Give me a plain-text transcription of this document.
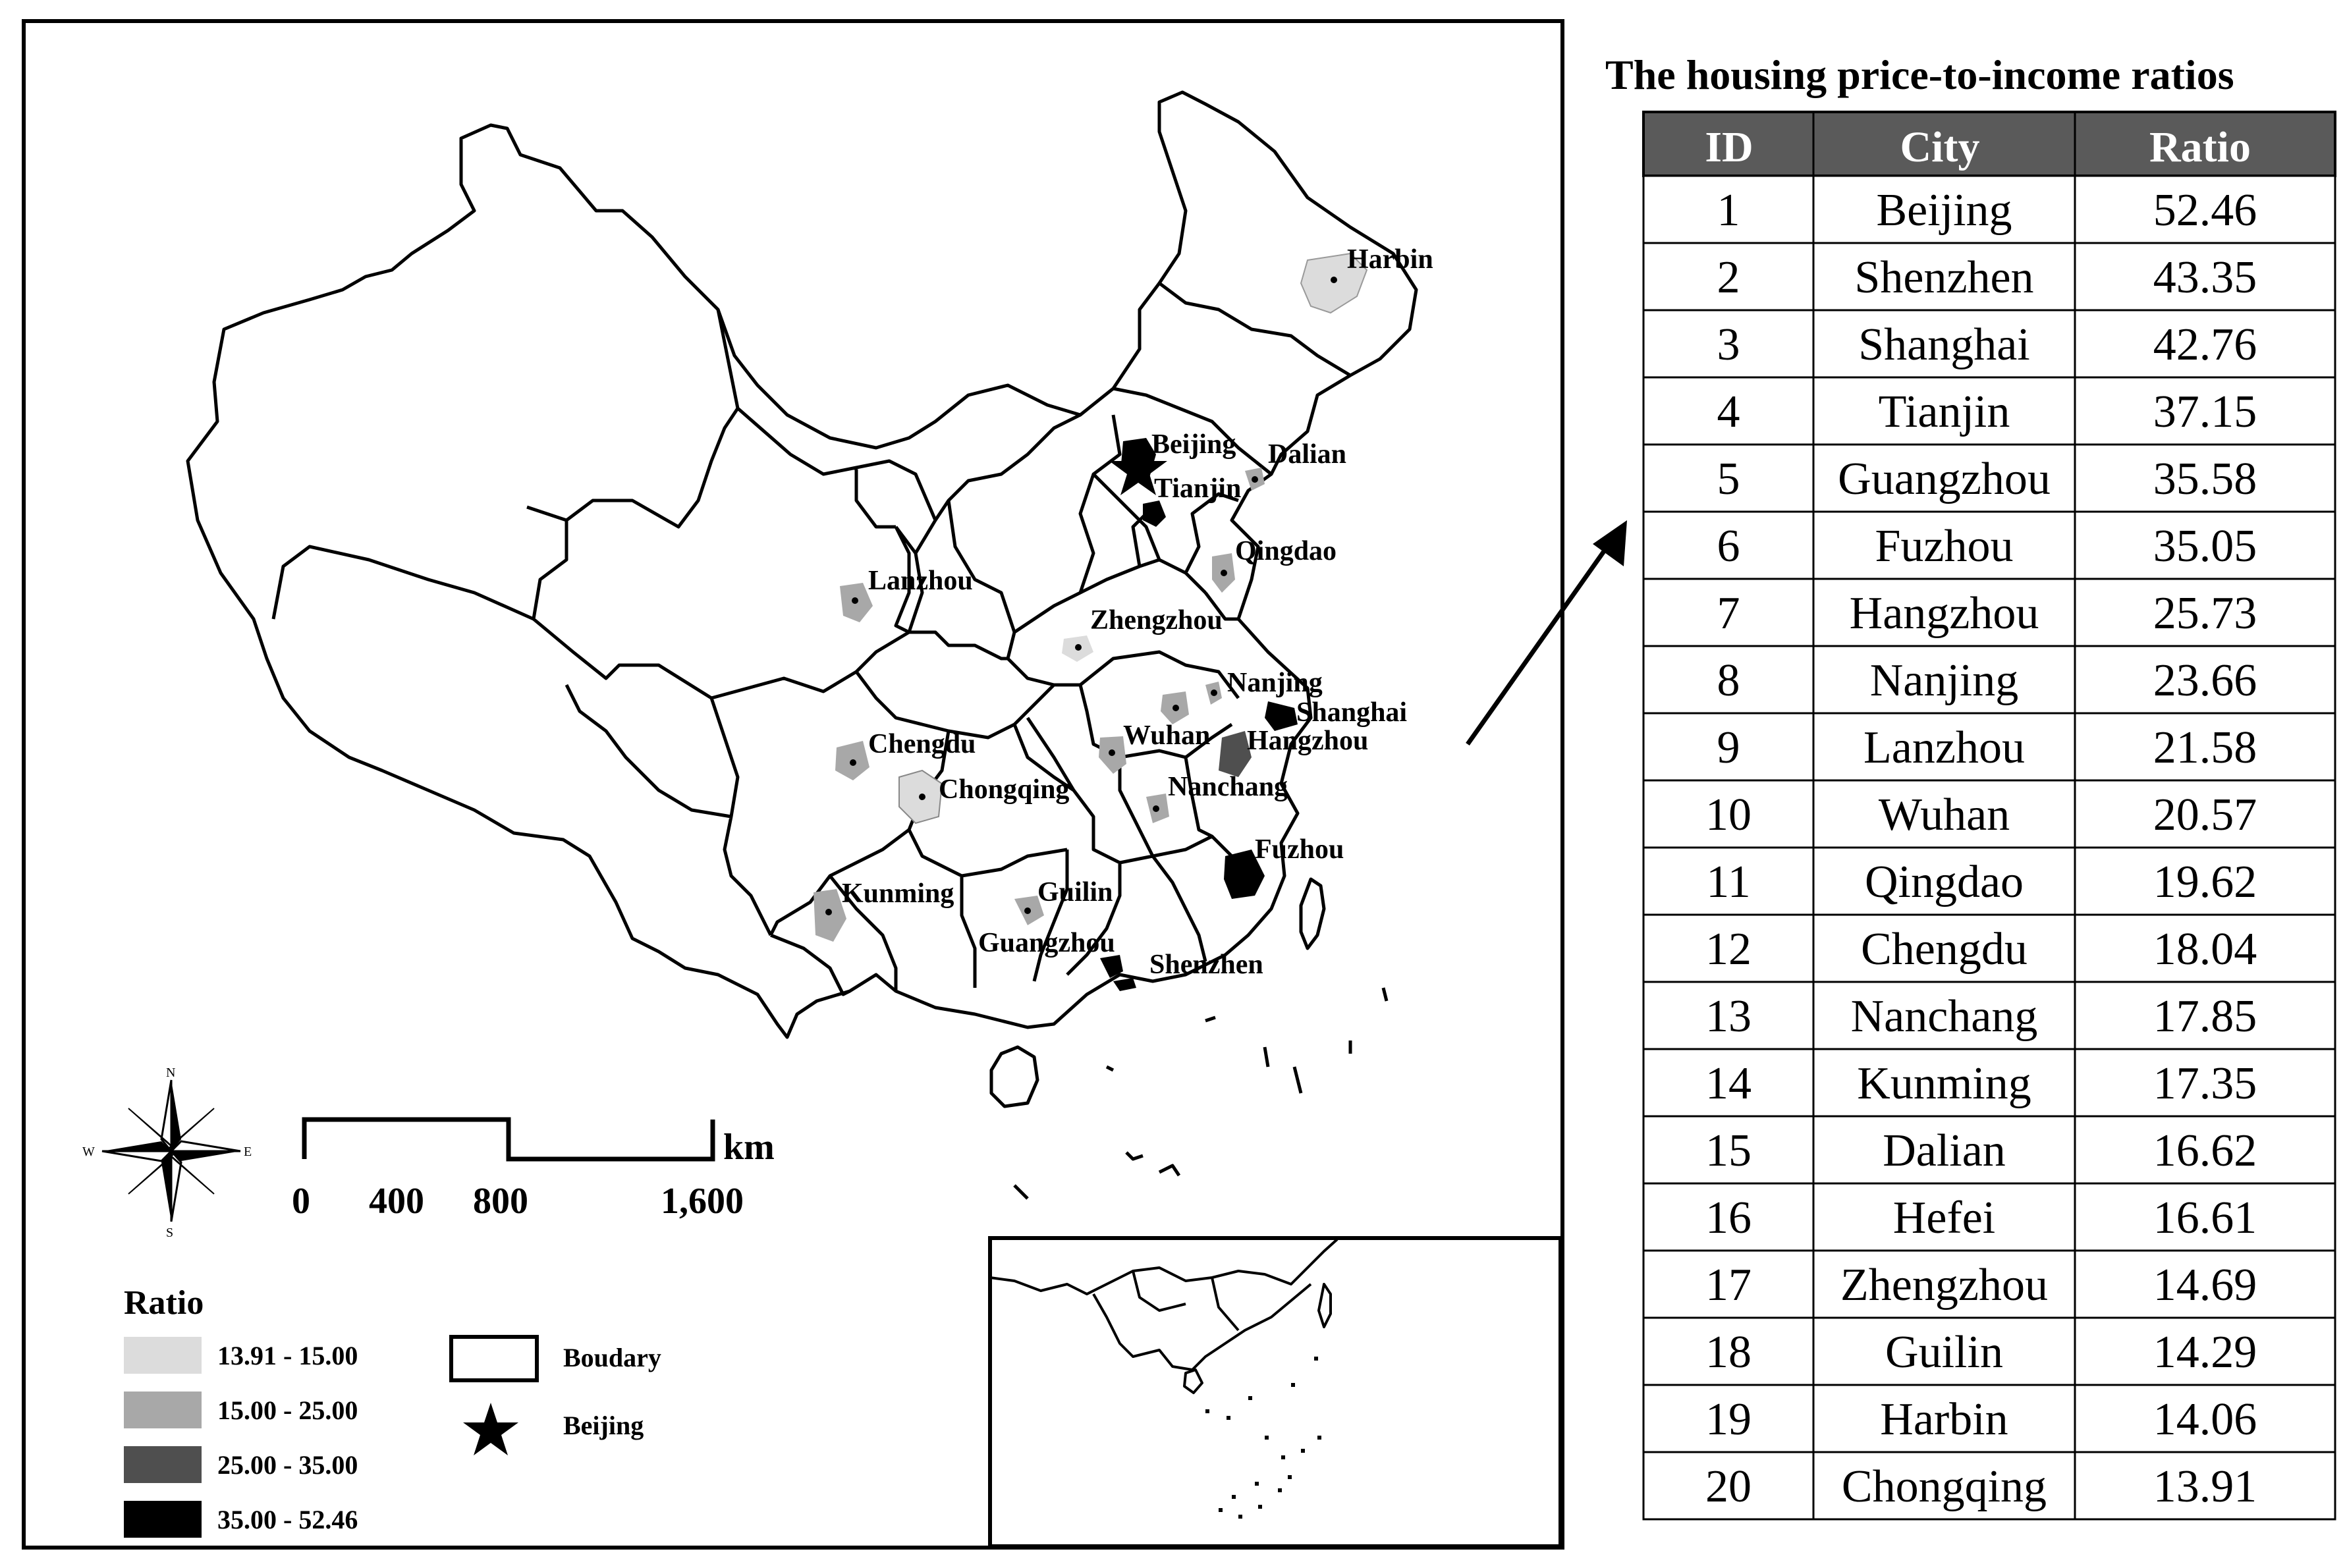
Harbin
Beijing Dalian
Tianjin
Qingdao
Lanzhou
Zhengzhou
Nanjing
Shanghai
Hangzhou
Wuhan
Chengdu
Chongqing	Nanchang
Fuzhou
Kunming	Guilin
Guangzhou
Shenzhen
N
S
W	E	km
0 400 800	1,600
Ratio
13.91 - 15.00
15.00 - 25.00
25.00 - 35.00
35.00 - 52.46
Boudary
Beijing
The housing price-to-income ratios
ID	City	Ratio
1	Beijing	52.46
2 Shenzhen	43.35
3	Shanghai	42.76
4	Tianjin	37.15
5 Guangzhou 35.58
6	Fuzhou	35.05
7 Hangzhou 25.73
8	Nanjing	23.66
9	Lanzhou	21.58
10	Wuhan	20.57
11 Qingdao	19.62
12 Chengdu	18.04
13 Nanchang	17.85
14 Kunming	17.35
15	Dalian	16.62
16	Hefei	16.61
17 Zhengzhou 14.69
18	Guilin	14.29
19	Harbin	14.06
20 Chongqing 13.91
